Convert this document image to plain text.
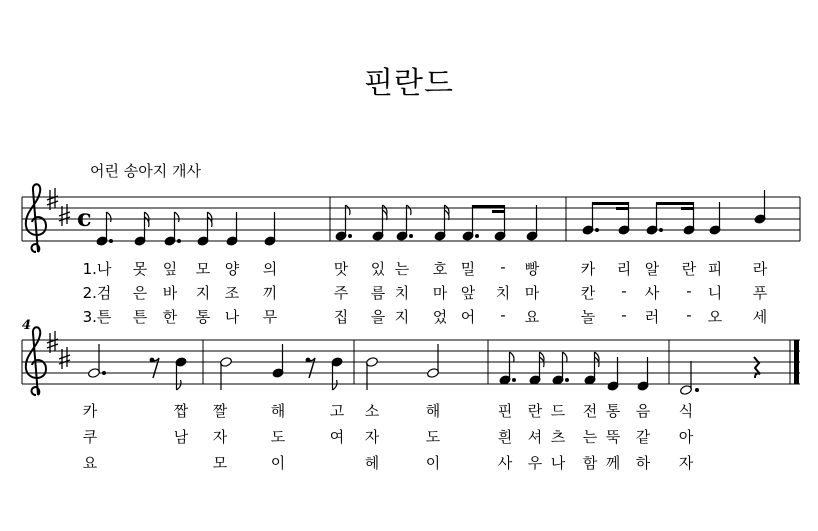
핀란드
어린 송아지 개사
4
c
1.나 못 잎 모 양 의	맛 있 는 호 밀 - 빵	카 리 알 란 피 라
2.검 은 바 지 조 끼	주 름 치 마 앞 치 마	칸 - 사 - 니 푸
3.튼 튼 한 통 나 무	집 을 지 었 어 - 요	놀 - 러 - 오 세
카	짭 짤	해	고 소	해	핀 란 드 전 통 음 식
쿠	남 자	도	여 자	도	흰 셔 츠 는 뚝 같 아
요	모	이	헤	이	사 우 나 함 께 하 자
